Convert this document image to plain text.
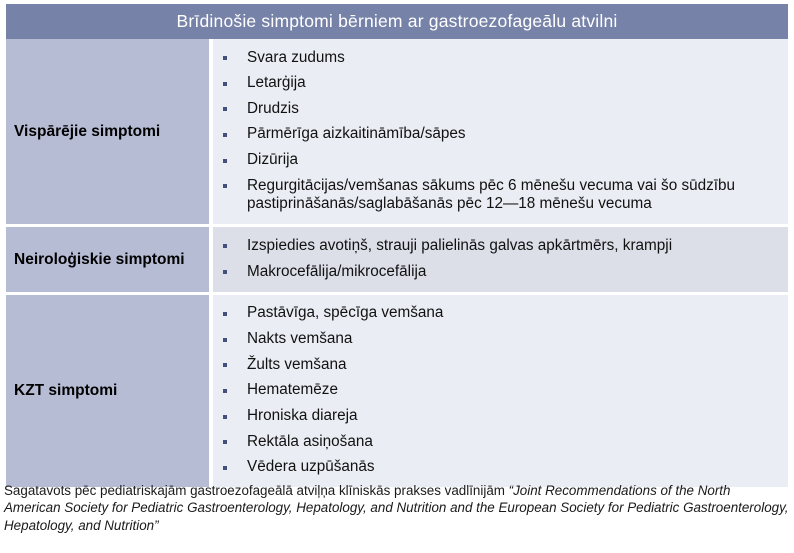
Brīdinošie simptomi bērniem ar gastroezofageālu atvilni
Vispārējie simptomi
Svara zudums
Letarģija
Drudzis
Pārmērīga aizkaitināmība/sāpes
Dizūrija
Regurgitācijas/vemšanas sākums pēc 6 mēnešu vecuma vai šo sūdzību pastiprināšanās/saglabāšanās pēc 12—18 mēnešu vecuma
Neiroloģiskie simptomi
Izspiedies avotiņš, strauji palielinās galvas apkārtmērs, krampji
Makrocefālija/mikrocefālija
KZT simptomi
Pastāvīga, spēcīga vemšana
Nakts vemšana
Žults vemšana
Hematemēze
Hroniska diareja
Rektāla asiņošana
Vēdera uzpūšanās
Sagatavots pēc pediatriskajām gastroezofageālā atviļņa klīniskās prakses vadlīnijām “Joint Recommendations of the North American Society for Pediatric Gastroenterology, Hepatology, and Nutrition and the European Society for Pediatric Gastroenterology, Hepatology, and Nutrition”
